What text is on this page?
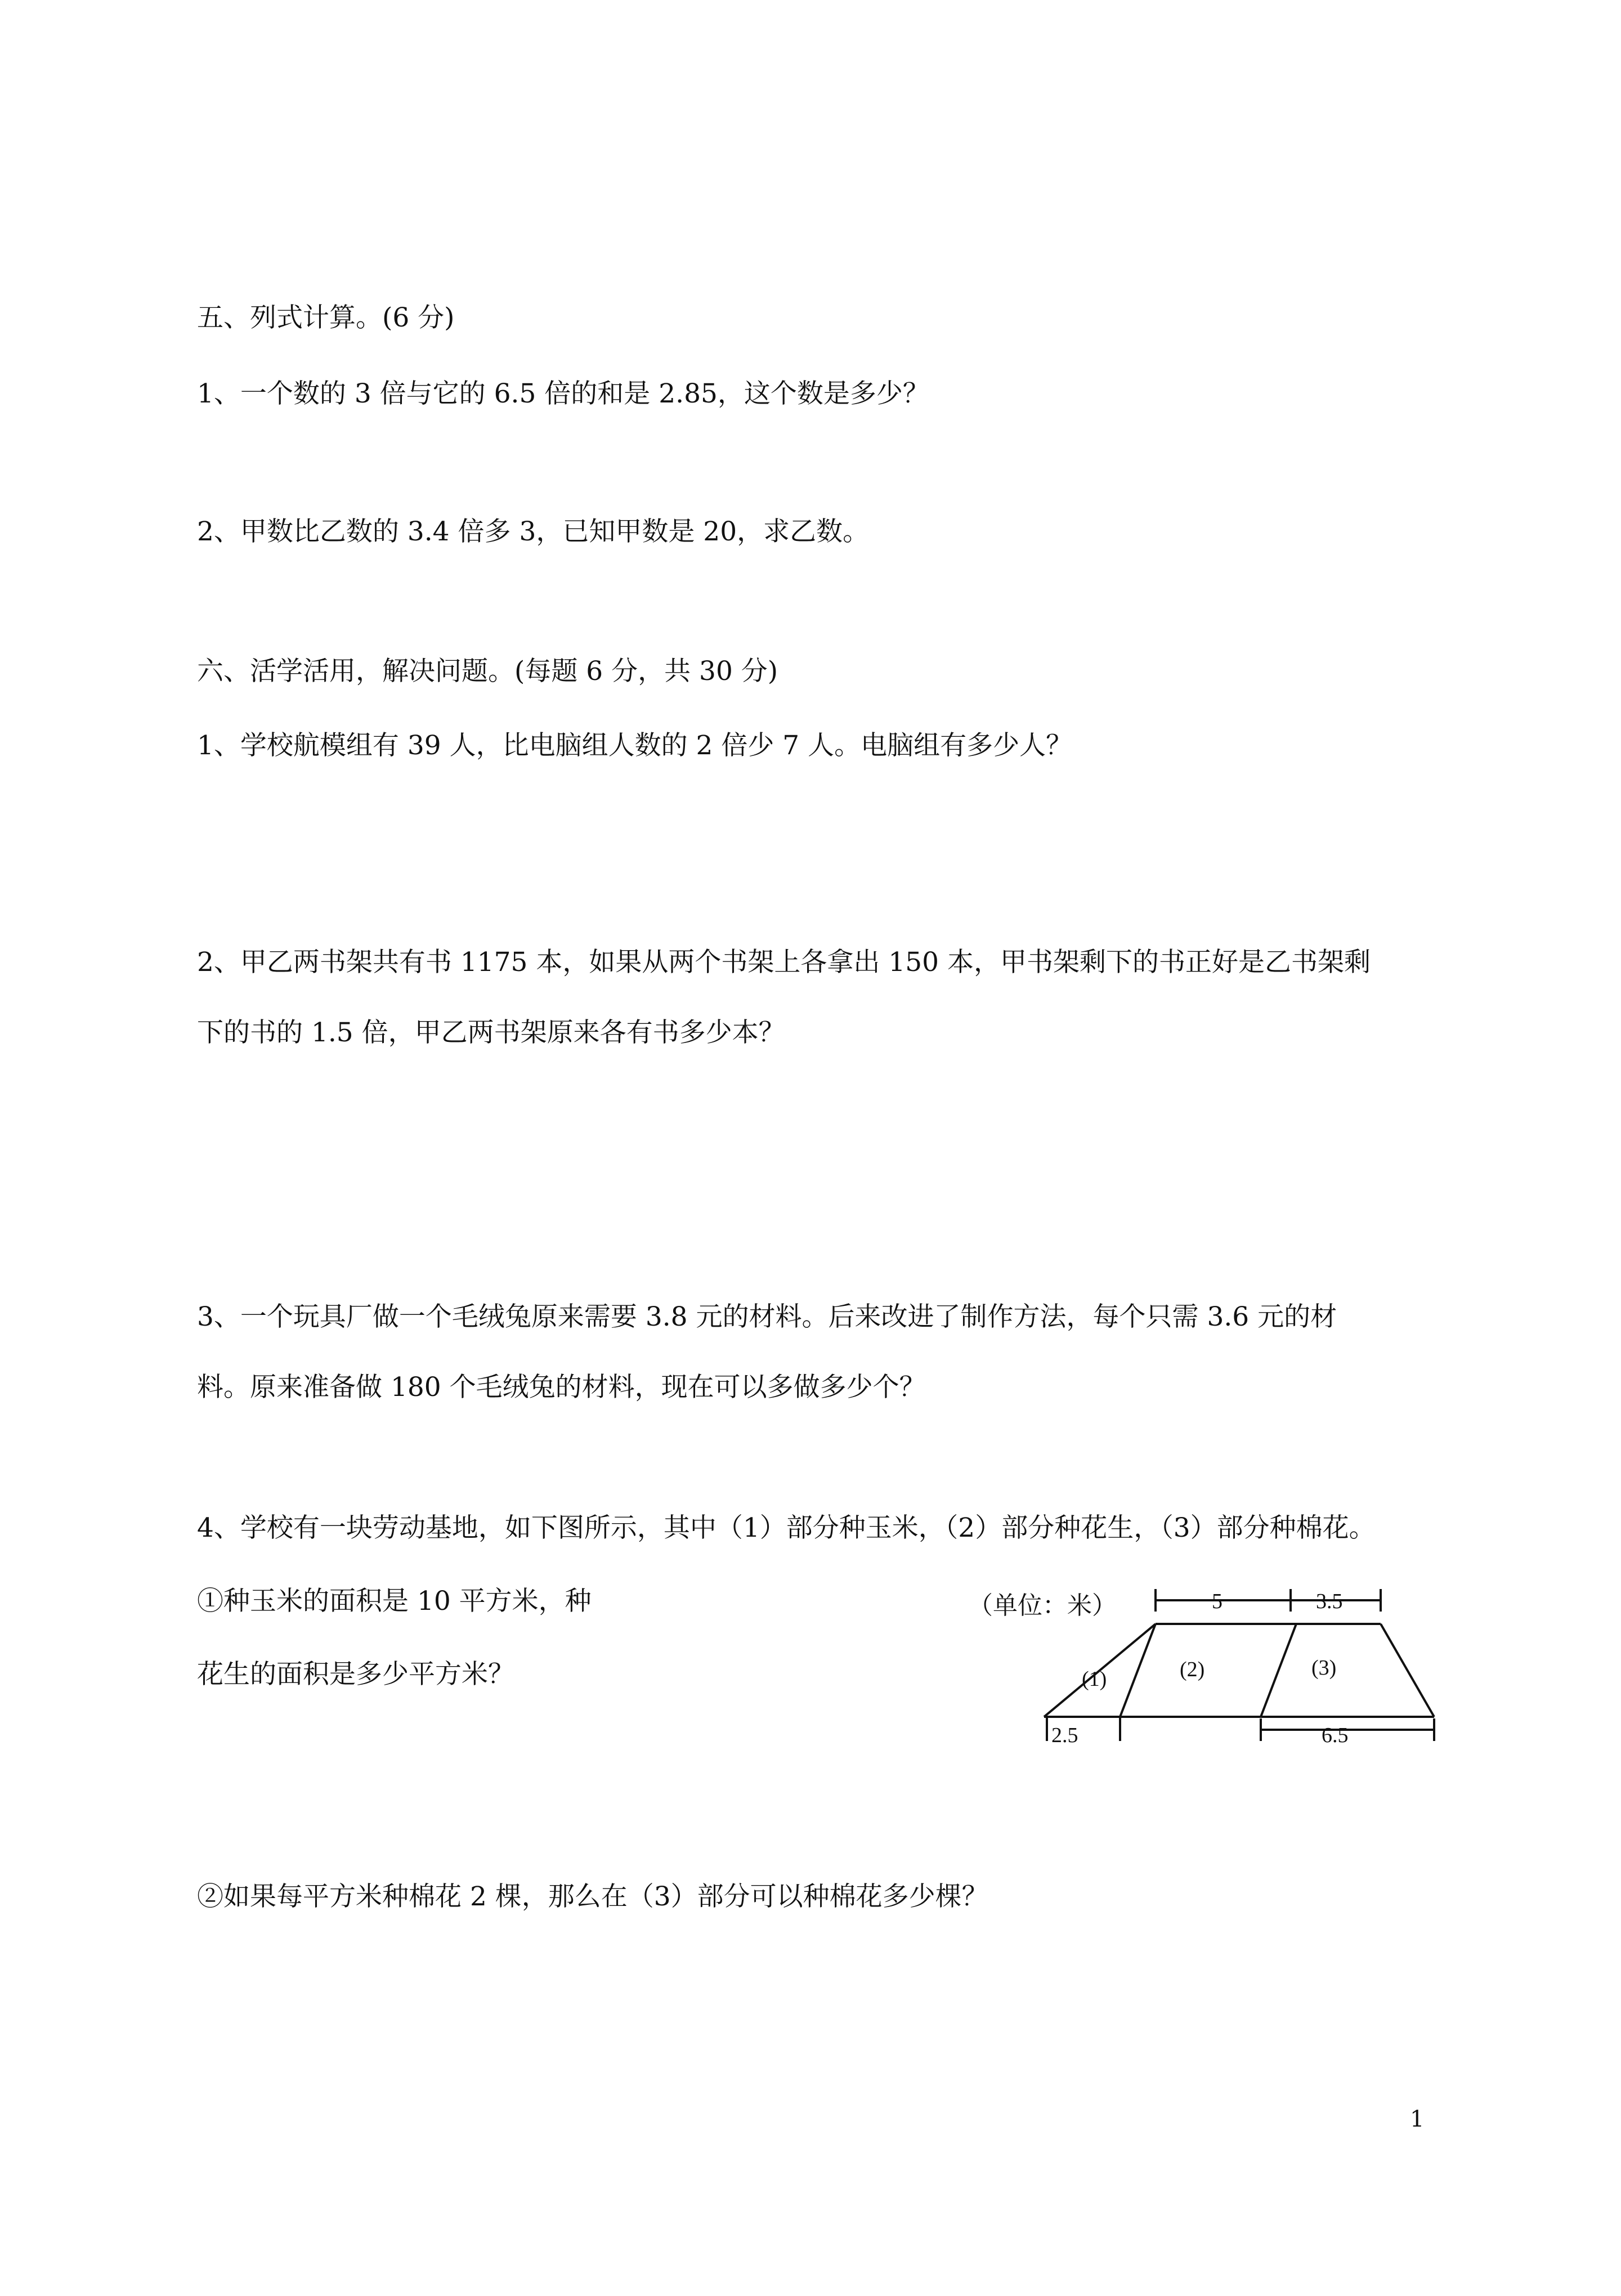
五、列式计算。(6 分)

1、一个数的 3 倍与它的 6.5 倍的和是 2.85，这个数是多少？

2、甲数比乙数的 3.4 倍多 3，已知甲数是 20，求乙数。

六、活学活用，解决问题。(每题 6 分，共 30 分)

1、学校航模组有 39 人，比电脑组人数的 2 倍少 7 人。电脑组有多少人？

2、甲乙两书架共有书 1175 本，如果从两个书架上各拿出 150 本，甲书架剩下的书正好是乙书架剩

下的书的 1.5 倍，甲乙两书架原来各有书多少本？

3、一个玩具厂做一个毛绒兔原来需要 3.8 元的材料。后来改进了制作方法，每个只需 3.6 元的材

料。原来准备做 180 个毛绒兔的材料，现在可以多做多少个？

4、学校有一块劳动基地，如下图所示，其中（1）部分种玉米，（2）部分种花生，（3）部分种棉花。

①种玉米的面积是 10 平方米，种

花生的面积是多少平方米？

②如果每平方米种棉花 2 棵，那么在（3）部分可以种棉花多少棵？

（单位：米）	5	3.5
(1)	(2)	(3)
2.5	6.5
1
